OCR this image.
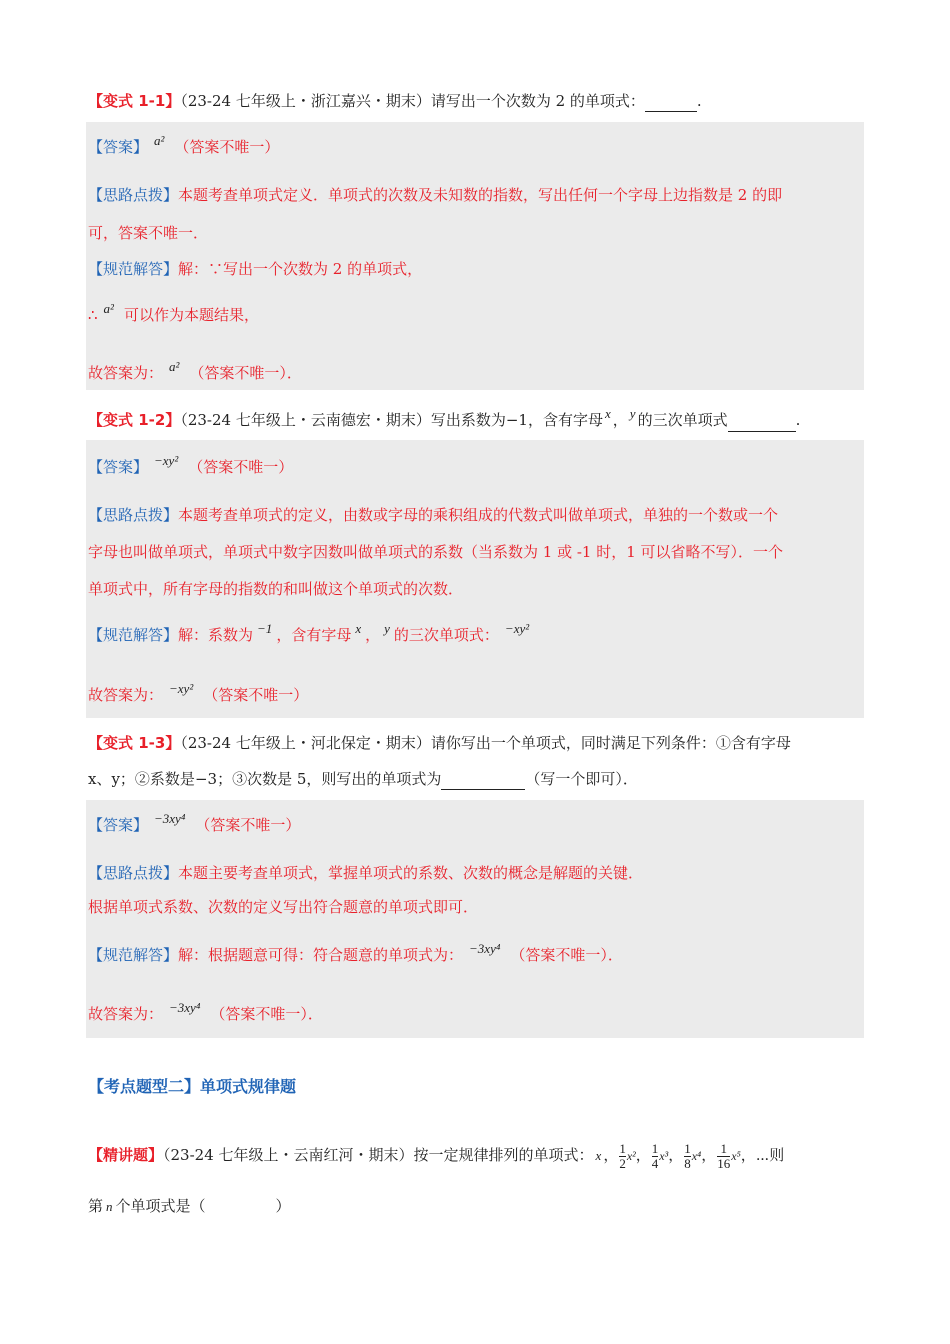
【变式 1-1】（23-24 七年级上・浙江嘉兴・期末）请写出一个次数为 2 的单项式：	.
【答案】 a² （答案不唯一）
【思路点拨】本题考查单项式定义．单项式的次数及未知数的指数，写出任何一个字母上边指数是 2 的即
可，答案不唯一．
【规范解答】解：∵写出一个次数为 2 的单项式，
∴ a² 可以作为本题结果，
故答案为： a² （答案不唯一）．
【变式 1-2】（23-24 七年级上・云南德宏・期末）写出系数为−1，含有字母 x ， y 的三次单项式	.
【答案】 −xy² （答案不唯一）
【思路点拨】本题考查单项式的定义，由数或字母的乘积组成的代数式叫做单项式，单独的一个数或一个
字母也叫做单项式，单项式中数字因数叫做单项式的系数（当系数为 1 或 -1 时，1 可以省略不写）．一个
单项式中，所有字母的指数的和叫做这个单项式的次数．
【规范解答】解：系数为 −1 ，含有字母 x ， y 的三次单项式： −xy²
故答案为： −xy² （答案不唯一）
【变式 1-3】（23-24 七年级上・河北保定・期末）请你写出一个单项式，同时满足下列条件：①含有字母
x、y；②系数是−3；③次数是 5，则写出的单项式为	（写一个即可）．
【答案】 −3xy⁴ （答案不唯一）
【思路点拨】本题主要考查单项式，掌握单项式的系数、次数的概念是解题的关键．
根据单项式系数、次数的定义写出符合题意的单项式即可．
【规范解答】解：根据题意可得：符合题意的单项式为： −3xy⁴ （答案不唯一）．
故答案为： −3xy⁴ （答案不唯一）．
【考点题型二】单项式规律题
【精讲题】（23-24 七年级上・云南红河・期末）按一定规律排列的单项式： x ， $\frac{1}{2} x^2$， $\frac{1}{4} x^3$， $\frac{1}{8} x^4$， $\frac{1}{16} x^5$，⋯则
第 n 个单项式是（	）
